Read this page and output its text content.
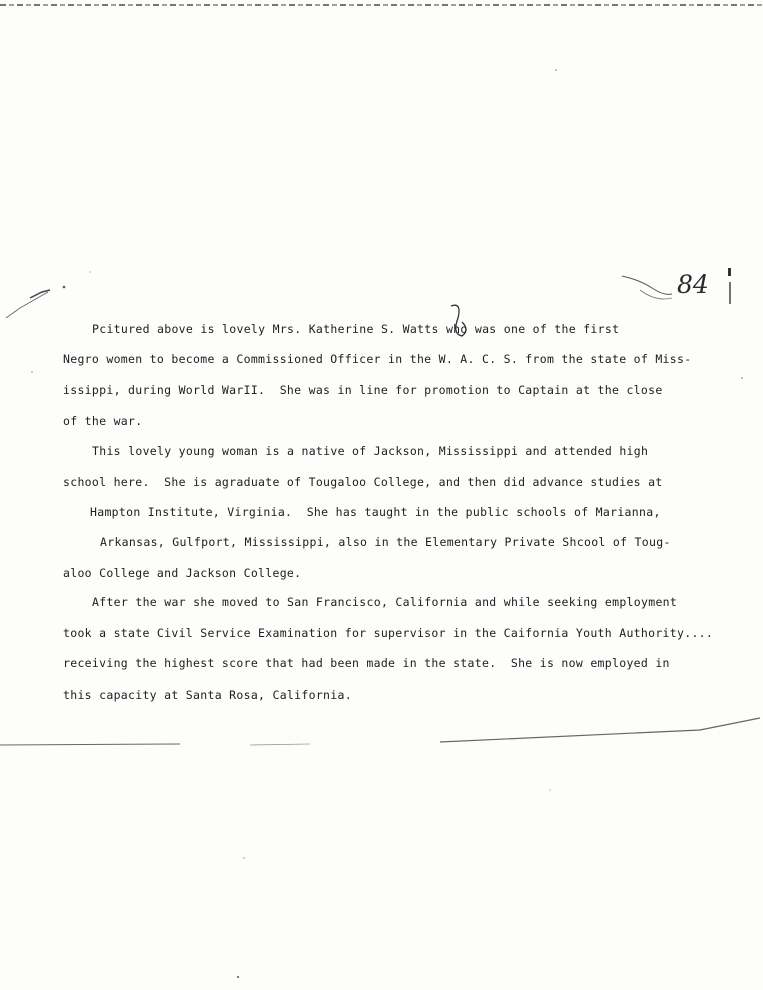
84

Pcitured above is lovely Mrs. Katherine S. Watts who was one of the first

Negro women to become a Commissioned Officer in the W. A. C. S. from the state of Miss-

issippi, during World WarII.  She was in line for promotion to Captain at the close

of the war.

This lovely young woman is a native of Jackson, Mississippi and attended high

school here.  She is agraduate of Tougaloo College, and then did advance studies at

Hampton Institute, Virginia.  She has taught in the public schools of Marianna,

Arkansas, Gulfport, Mississippi, also in the Elementary Private Shcool of Toug-

aloo College and Jackson College.

After the war she moved to San Francisco, California and while seeking employment

took a state Civil Service Examination for supervisor in the Caifornia Youth Authority....

receiving the highest score that had been made in the state.  She is now employed in

this capacity at Santa Rosa, California.
